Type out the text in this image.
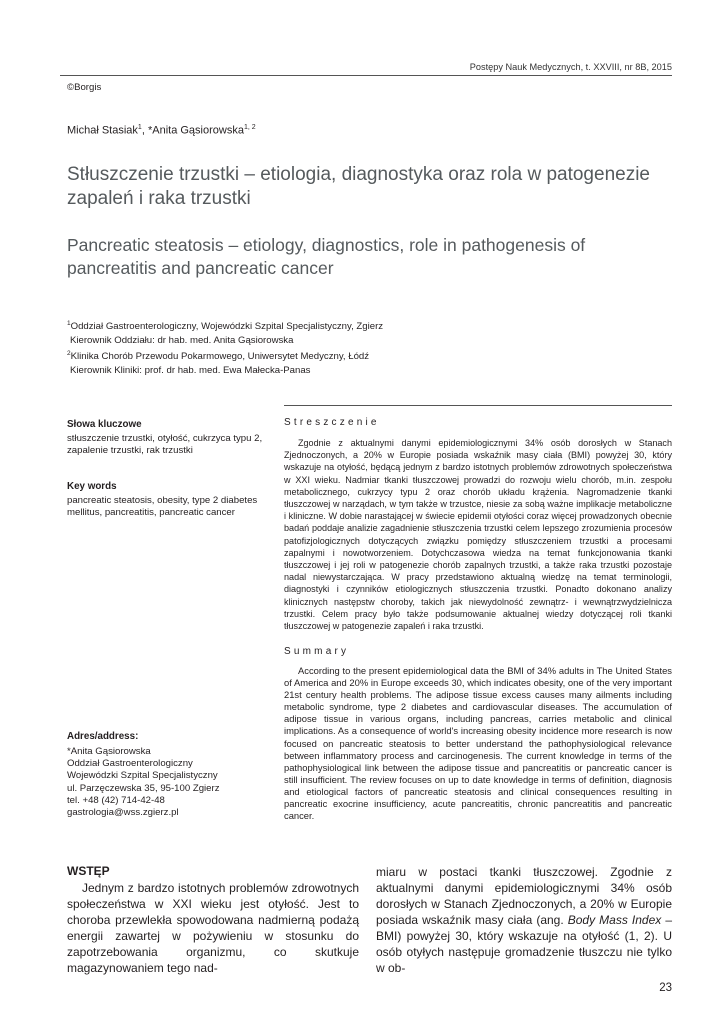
Postępy Nauk Medycznych, t. XXVIII, nr 8B, 2015
©Borgis
Michał Stasiak$^1$, *Anita Gąsiorowska$^{1, 2}$
Stłuszczenie trzustki – etiologia, diagnostyka oraz rola w patogenezie zapaleń i raka trzustki
Pancreatic steatosis – etiology, diagnostics, role in pathogenesis of pancreatitis and pancreatic cancer
$^1$Oddział Gastroenterologiczny, Wojewódzki Szpital Specjalistyczny, Zgierz
Kierownik Oddziału: dr hab. med. Anita Gąsiorowska
$^2$Klinika Chorób Przewodu Pokarmowego, Uniwersytet Medyczny, Łódź
Kierownik Kliniki: prof. dr hab. med. Ewa Małecka-Panas
Słowa kluczowe
stłuszczenie trzustki, otyłość, cukrzyca typu 2, zapalenie trzustki, rak trzustki
Key words
pancreatic steatosis, obesity, type 2 diabetes mellitus, pancreatitis, pancreatic cancer
Adres/address:
*Anita Gąsiorowska
Oddział Gastroenterologiczny
Wojewódzki Szpital Specjalistyczny
ul. Parzęczewska 35, 95-100 Zgierz
tel. +48 (42) 714-42-48
gastrologia@wss.zgierz.pl
Streszczenie
Zgodnie z aktualnymi danymi epidemiologicznymi 34% osób dorosłych w Stanach Zjednoczonych, a 20% w Europie posiada wskaźnik masy ciała (BMI) powyżej 30, który wskazuje na otyłość, będącą jednym z bardzo istotnych problemów zdrowotnych społeczeństwa w XXI wieku. Nadmiar tkanki tłuszczowej prowadzi do rozwoju wielu chorób, m.in. zespołu metabolicznego, cukrzycy typu 2 oraz chorób układu krążenia. Nagromadzenie tkanki tłuszczowej w narządach, w tym także w trzustce, niesie za sobą ważne implikacje metaboliczne i kliniczne. W dobie narastającej w świecie epidemii otyłości coraz więcej prowadzonych obecnie badań poddaje analizie zagadnienie stłuszczenia trzustki celem lepszego zrozumienia procesów patofizjologicznych dotyczących związku pomiędzy stłuszczeniem trzustki a procesami zapalnymi i nowotworzeniem. Dotychczasowa wiedza na temat funkcjonowania tkanki tłuszczowej i jej roli w patogenezie chorób zapalnych trzustki, a także raka trzustki pozostaje nadal niewystarczająca. W pracy przedstawiono aktualną wiedzę na temat terminologii, diagnostyki i czynników etiologicznych stłuszczenia trzustki. Ponadto dokonano analizy klinicznych następstw choroby, takich jak niewydolność zewnątrz- i wewnątrzwydzielnicza trzustki. Celem pracy było także podsumowanie aktualnej wiedzy dotyczącej roli tkanki tłuszczowej w patogenezie zapaleń i raka trzustki.
Summary
According to the present epidemiological data the BMI of 34% adults in The United States of America and 20% in Europe exceeds 30, which indicates obesity, one of the very important 21st century health problems. The adipose tissue excess causes many ailments including metabolic syndrome, type 2 diabetes and cardiovascular diseases. The accumulation of adipose tissue in various organs, including pancreas, carries metabolic and clinical implications. As a consequence of world's increasing obesity incidence more research is now focused on pancreatic steatosis to better understand the pathophysiological relevance between inflammatory process and carcinogenesis. The current knowledge in terms of the pathophysiological link between the adipose tissue and pancreatitis or pancreatic cancer is still insufficient. The review focuses on up to date knowledge in terms of definition, diagnosis and etiological factors of pancreatic steatosis and clinical consequences resulting in pancreatic exocrine insufficiency, acute pancreatitis, chronic pancreatitis and pancreatic cancer.
WSTĘP
Jednym z bardzo istotnych problemów zdrowotnych społeczeństwa w XXI wieku jest otyłość. Jest to choroba przewlekła spowodowana nadmierną podażą energii zawartej w pożywieniu w stosunku do zapotrzebowania organizmu, co skutkuje magazynowaniem tego nad-
miaru w postaci tkanki tłuszczowej. Zgodnie z aktualnymi danymi epidemiologicznymi 34% osób dorosłych w Stanach Zjednoczonych, a 20% w Europie posiada wskaźnik masy ciała (ang. Body Mass Index – BMI) powyżej 30, który wskazuje na otyłość (1, 2). U osób otyłych następuje gromadzenie tłuszczu nie tylko w ob-
23
